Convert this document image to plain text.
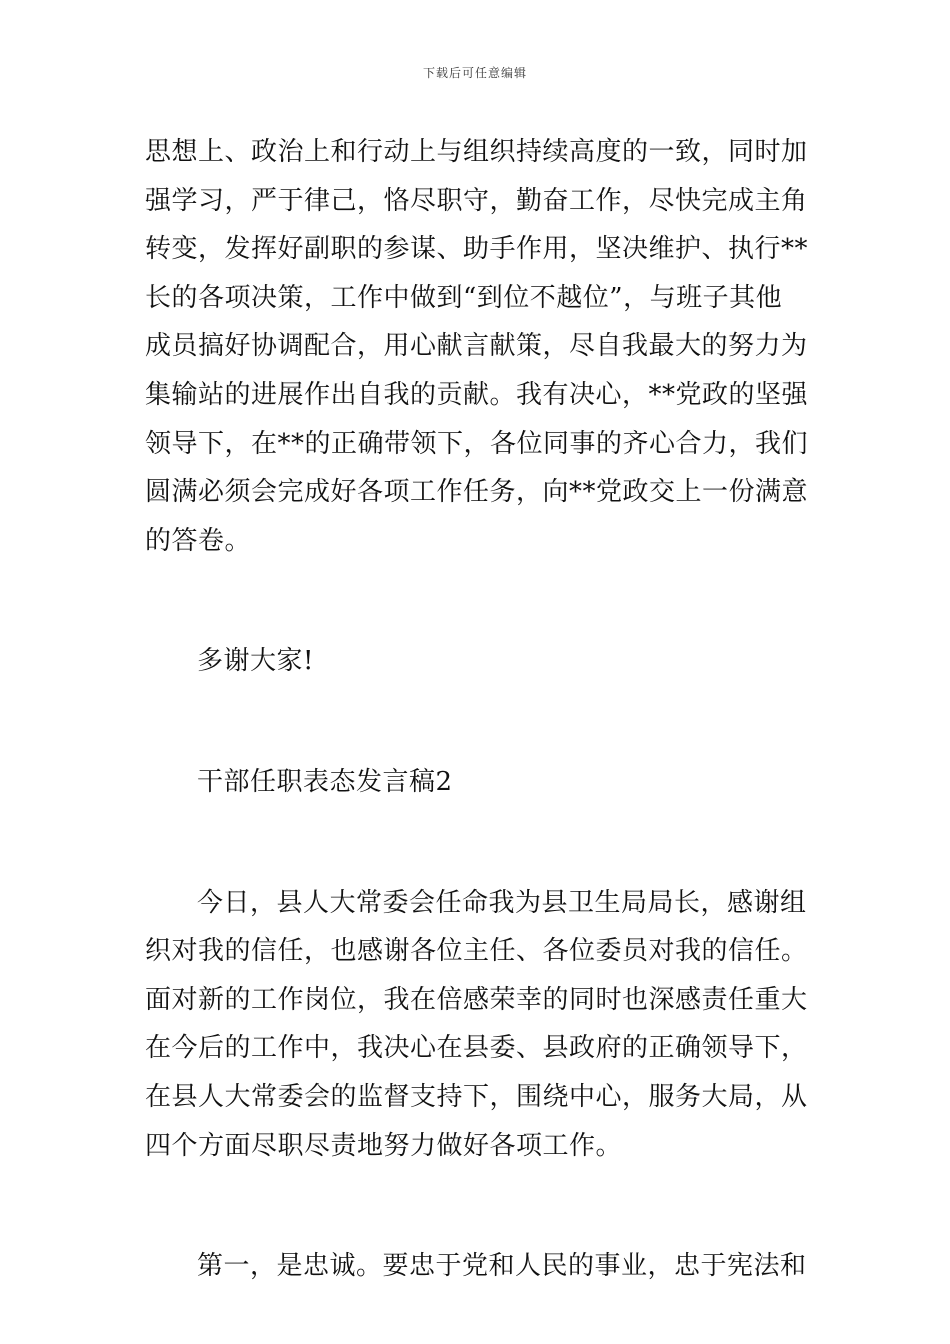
下载后可任意编辑
思想上、政治上和行动上与组织持续高度的一致，同时加
强学习，严于律己，恪尽职守，勤奋工作，尽快完成主角
转变，发挥好副职的参谋、助手作用，坚决维护、执行**
长的各项决策，工作中做到“到位不越位”，与班子其他
成员搞好协调配合，用心献言献策，尽自我最大的努力为
集输站的进展作出自我的贡献。我有决心，**党政的坚强
领导下，在**的正确带领下，各位同事的齐心合力，我们
圆满必须会完成好各项工作任务，向**党政交上一份满意
的答卷。
多谢大家!
干部任职表态发言稿2
今日，县人大常委会任命我为县卫生局局长，感谢组
织对我的信任，也感谢各位主任、各位委员对我的信任。
面对新的工作岗位，我在倍感荣幸的同时也深感责任重大
在今后的工作中，我决心在县委、县政府的正确领导下，
在县人大常委会的监督支持下，围绕中心，服务大局，从
四个方面尽职尽责地努力做好各项工作。
第一，是忠诚。要忠于党和人民的事业，忠于宪法和
